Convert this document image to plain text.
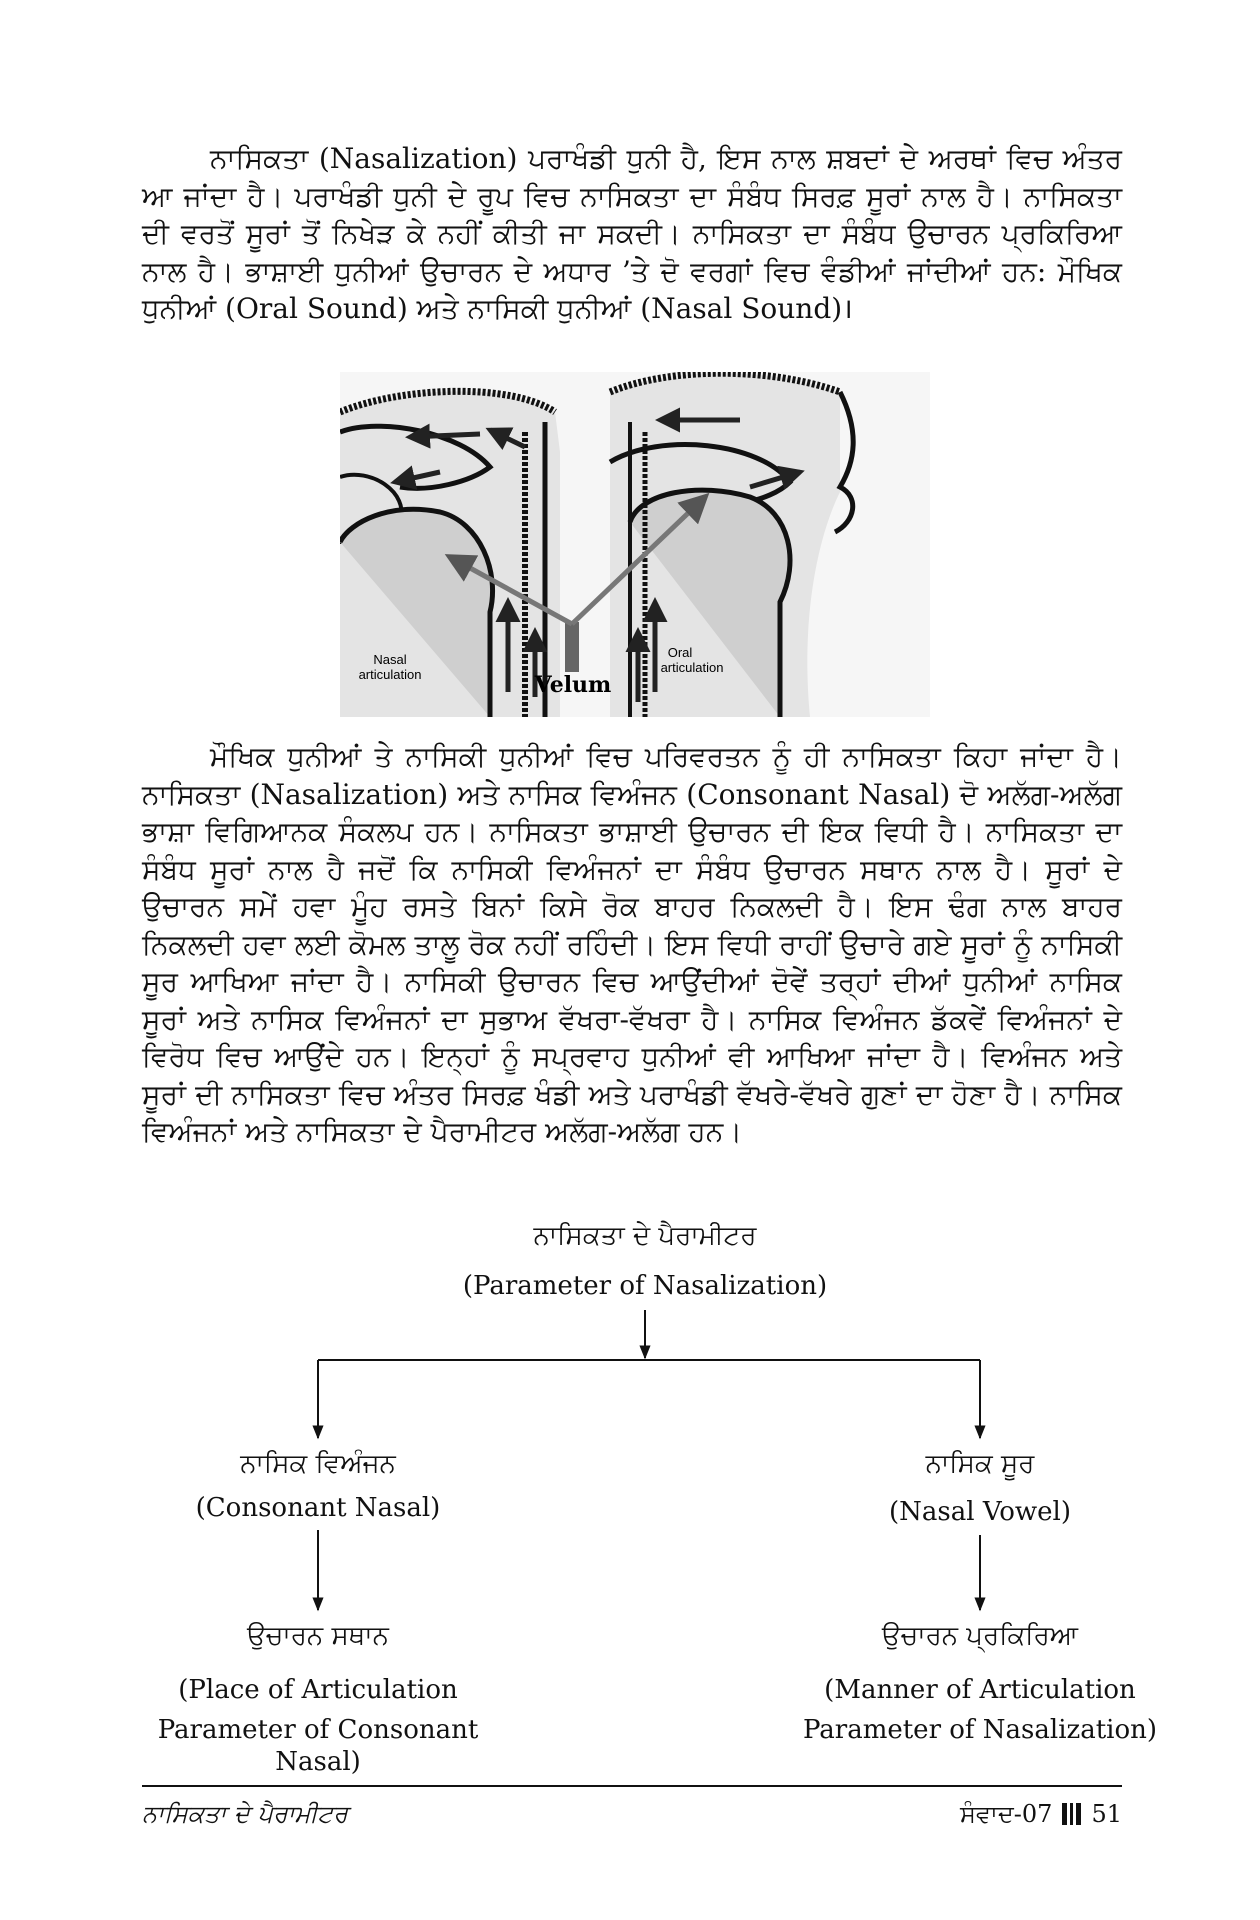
ਨਾਸਿਕਤਾ (Nasalization) ਪਰਾਖੰਡੀ ਧੁਨੀ ਹੈ, ਇਸ ਨਾਲ ਸ਼ਬਦਾਂ ਦੇ ਅਰਥਾਂ ਵਿਚ ਅੰਤਰ ਆ ਜਾਂਦਾ ਹੈ। ਪਰਾਖੰਡੀ ਧੁਨੀ ਦੇ ਰੂਪ ਵਿਚ ਨਾਸਿਕਤਾ ਦਾ ਸੰਬੰਧ ਸਿਰਫ਼ ਸੂਰਾਂ ਨਾਲ ਹੈ। ਨਾਸਿਕਤਾ ਦੀ ਵਰਤੋਂ ਸੂਰਾਂ ਤੋਂ ਨਿਖੇੜ ਕੇ ਨਹੀਂ ਕੀਤੀ ਜਾ ਸਕਦੀ। ਨਾਸਿਕਤਾ ਦਾ ਸੰਬੰਧ ਉਚਾਰਨ ਪ੍ਰਕਿਰਿਆ ਨਾਲ ਹੈ। ਭਾਸ਼ਾਈ ਧੁਨੀਆਂ ਉਚਾਰਨ ਦੇ ਅਧਾਰ ’ਤੇ ਦੋ ਵਰਗਾਂ ਵਿਚ ਵੰਡੀਆਂ ਜਾਂਦੀਆਂ ਹਨ: ਮੌਖਿਕ ਧੁਨੀਆਂ (Oral Sound) ਅਤੇ ਨਾਸਿਕੀ ਧੁਨੀਆਂ (Nasal Sound)।

Nasal
articulation	Velum
Oral
articulation

ਮੌਖਿਕ ਧੁਨੀਆਂ ਤੇ ਨਾਸਿਕੀ ਧੁਨੀਆਂ ਵਿਚ ਪਰਿਵਰਤਨ ਨੂੰ ਹੀ ਨਾਸਿਕਤਾ ਕਿਹਾ ਜਾਂਦਾ ਹੈ। ਨਾਸਿਕਤਾ (Nasalization) ਅਤੇ ਨਾਸਿਕ ਵਿਅੰਜਨ (Consonant Nasal) ਦੋ ਅਲੱਗ-ਅਲੱਗ ਭਾਸ਼ਾ ਵਿਗਿਆਨਕ ਸੰਕਲਪ ਹਨ। ਨਾਸਿਕਤਾ ਭਾਸ਼ਾਈ ਉਚਾਰਨ ਦੀ ਇਕ ਵਿਧੀ ਹੈ। ਨਾਸਿਕਤਾ ਦਾ ਸੰਬੰਧ ਸੂਰਾਂ ਨਾਲ ਹੈ ਜਦੋਂ ਕਿ ਨਾਸਿਕੀ ਵਿਅੰਜਨਾਂ ਦਾ ਸੰਬੰਧ ਉਚਾਰਨ ਸਥਾਨ ਨਾਲ ਹੈ। ਸੂਰਾਂ ਦੇ ਉਚਾਰਨ ਸਮੇਂ ਹਵਾ ਮੂੰਹ ਰਸਤੇ ਬਿਨਾਂ ਕਿਸੇ ਰੋਕ ਬਾਹਰ ਨਿਕਲਦੀ ਹੈ। ਇਸ ਢੰਗ ਨਾਲ ਬਾਹਰ ਨਿਕਲਦੀ ਹਵਾ ਲਈ ਕੋਮਲ ਤਾਲੂ ਰੋਕ ਨਹੀਂ ਰਹਿੰਦੀ। ਇਸ ਵਿਧੀ ਰਾਹੀਂ ਉਚਾਰੇ ਗਏ ਸੂਰਾਂ ਨੂੰ ਨਾਸਿਕੀ ਸੂਰ ਆਖਿਆ ਜਾਂਦਾ ਹੈ। ਨਾਸਿਕੀ ਉਚਾਰਨ ਵਿਚ ਆਉਂਦੀਆਂ ਦੋਵੇਂ ਤਰ੍ਹਾਂ ਦੀਆਂ ਧੁਨੀਆਂ ਨਾਸਿਕ ਸੂਰਾਂ ਅਤੇ ਨਾਸਿਕ ਵਿਅੰਜਨਾਂ ਦਾ ਸੁਭਾਅ ਵੱਖਰਾ-ਵੱਖਰਾ ਹੈ। ਨਾਸਿਕ ਵਿਅੰਜਨ ਡੱਕਵੇਂ ਵਿਅੰਜਨਾਂ ਦੇ ਵਿਰੋਧ ਵਿਚ ਆਉਂਦੇ ਹਨ। ਇਨ੍ਹਾਂ ਨੂੰ ਸਪ੍ਰਵਾਹ ਧੁਨੀਆਂ ਵੀ ਆਖਿਆ ਜਾਂਦਾ ਹੈ। ਵਿਅੰਜਨ ਅਤੇ ਸੂਰਾਂ ਦੀ ਨਾਸਿਕਤਾ ਵਿਚ ਅੰਤਰ ਸਿਰਫ਼ ਖੰਡੀ ਅਤੇ ਪਰਾਖੰਡੀ ਵੱਖਰੇ-ਵੱਖਰੇ ਗੁਣਾਂ ਦਾ ਹੋਣਾ ਹੈ। ਨਾਸਿਕ ਵਿਅੰਜਨਾਂ ਅਤੇ ਨਾਸਿਕਤਾ ਦੇ ਪੈਰਾਮੀਟਰ ਅਲੱਗ-ਅਲੱਗ ਹਨ।

ਨਾਸਿਕਤਾ ਦੇ ਪੈਰਾਮੀਟਰ
(Parameter of Nasalization)
ਨਾਸਿਕ ਵਿਅੰਜਨ
(Consonant Nasal)
ਨਾਸਿਕ ਸੂਰ
(Nasal Vowel)
ਉਚਾਰਨ ਸਥਾਨ
(Place of Articulation
Parameter of Consonant Nasal)
ਉਚਾਰਨ ਪ੍ਰਕਿਰਿਆ
(Manner of Articulation
Parameter of Nasalization)
ਨਾਸਿਕਤਾ ਦੇ ਪੈਰਾਮੀਟਰ	ਸੰਵਾਦ-07 51
